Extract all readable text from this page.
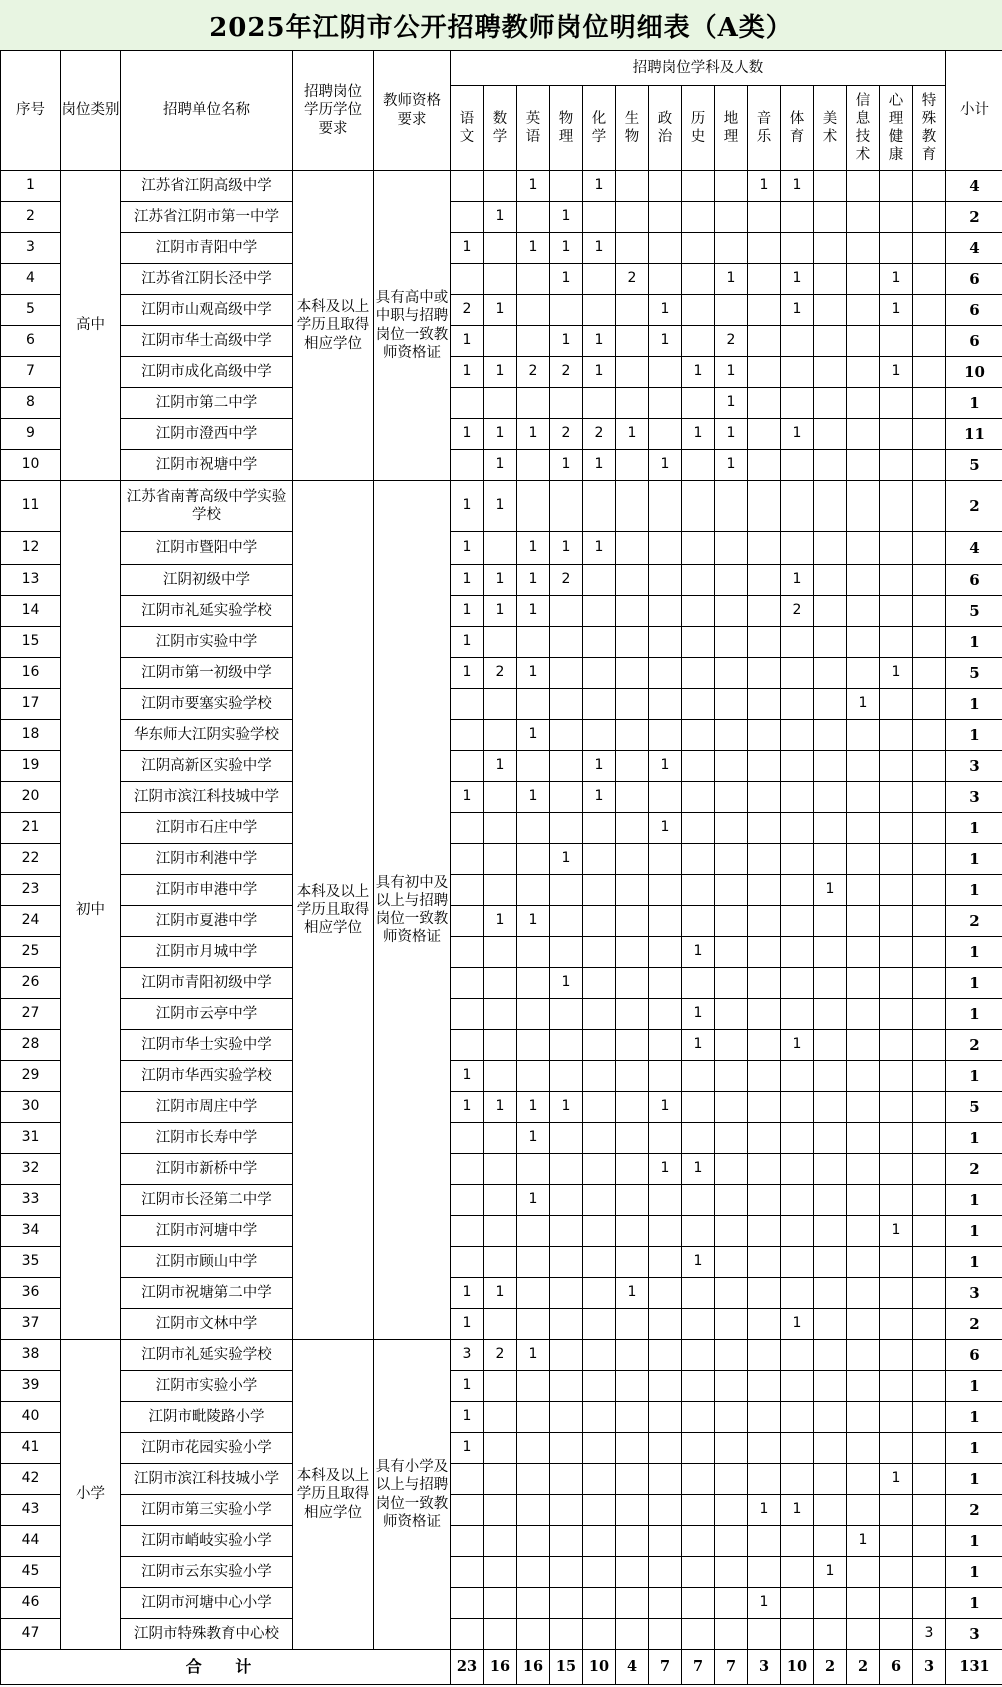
2025年江阴市公开招聘教师岗位明细表（A类）
序号	岗位类别	招聘单位名称	招聘岗位学历学位要求	教师资格要求	招聘岗位学科及人数															小计
					语文	数学	英语	物理	化学	生物	政治	历史	地理	音乐	体育	美术	信息技术	心理健康	特殊教育	
1	高中	江苏省江阴高级中学	本科及以上学历且取得相应学位	具有高中或中职与招聘岗位一致教师资格证			1		1					1	1					4
2		江苏省江阴市第一中学				1		1												2
3		江阴市青阳中学			1		1	1	1											4
4		江苏省江阴长泾中学						1		2			1		1			1		6
5		江阴市山观高级中学			2	1					1				1			1		6
6		江阴市华士高级中学			1			1	1		1		2							6
7		江阴市成化高级中学			1	1	2	2	1			1	1					1		10
8		江阴市第二中学											1							1
9		江阴市澄西中学			1	1	1	2	2	1		1	1		1					11
10		江阴市祝塘中学				1		1	1		1		1							5
11	初中	江苏省南菁高级中学实验学校	本科及以上学历且取得相应学位	具有初中及以上与招聘岗位一致教师资格证	1	1														2
12		江阴市暨阳中学			1		1	1	1											4
13		江阴初级中学			1	1	1	2							1					6
14		江阴市礼延实验学校			1	1	1								2					5
15		江阴市实验中学			1															1
16		江阴市第一初级中学			1	2	1											1		5
17		江阴市要塞实验学校															1			1
18		华东师大江阴实验学校					1													1
19		江阴高新区实验中学				1			1		1									3
20		江阴市滨江科技城中学			1		1		1											3
21		江阴市石庄中学									1									1
22		江阴市利港中学						1												1
23		江阴市申港中学														1				1
24		江阴市夏港中学				1	1													2
25		江阴市月城中学										1								1
26		江阴市青阳初级中学						1												1
27		江阴市云亭中学										1								1
28		江阴市华士实验中学										1			1					2
29		江阴市华西实验学校			1															1
30		江阴市周庄中学			1	1	1	1			1									5
31		江阴市长寿中学					1													1
32		江阴市新桥中学									1	1								2
33		江阴市长泾第二中学					1													1
34		江阴市河塘中学																1		1
35		江阴市顾山中学										1								1
36		江阴市祝塘第二中学			1	1				1										3
37		江阴市文林中学			1										1					2
38	小学	江阴市礼延实验学校	本科及以上学历且取得相应学位	具有小学及以上与招聘岗位一致教师资格证	3	2	1													6
39		江阴市实验小学			1															1
40		江阴市毗陵路小学			1															1
41		江阴市花园实验小学			1															1
42		江阴市滨江科技城小学																1		1
43		江阴市第三实验小学												1	1					2
44		江阴市峭岐实验小学															1			1
45		江阴市云东实验小学														1				1
46		江阴市河塘中心小学												1						1
47		江阴市特殊教育中心校																	3	3
合 计					23	16	16	15	10	4	7	7	7	3	10	2	2	6	3	131
